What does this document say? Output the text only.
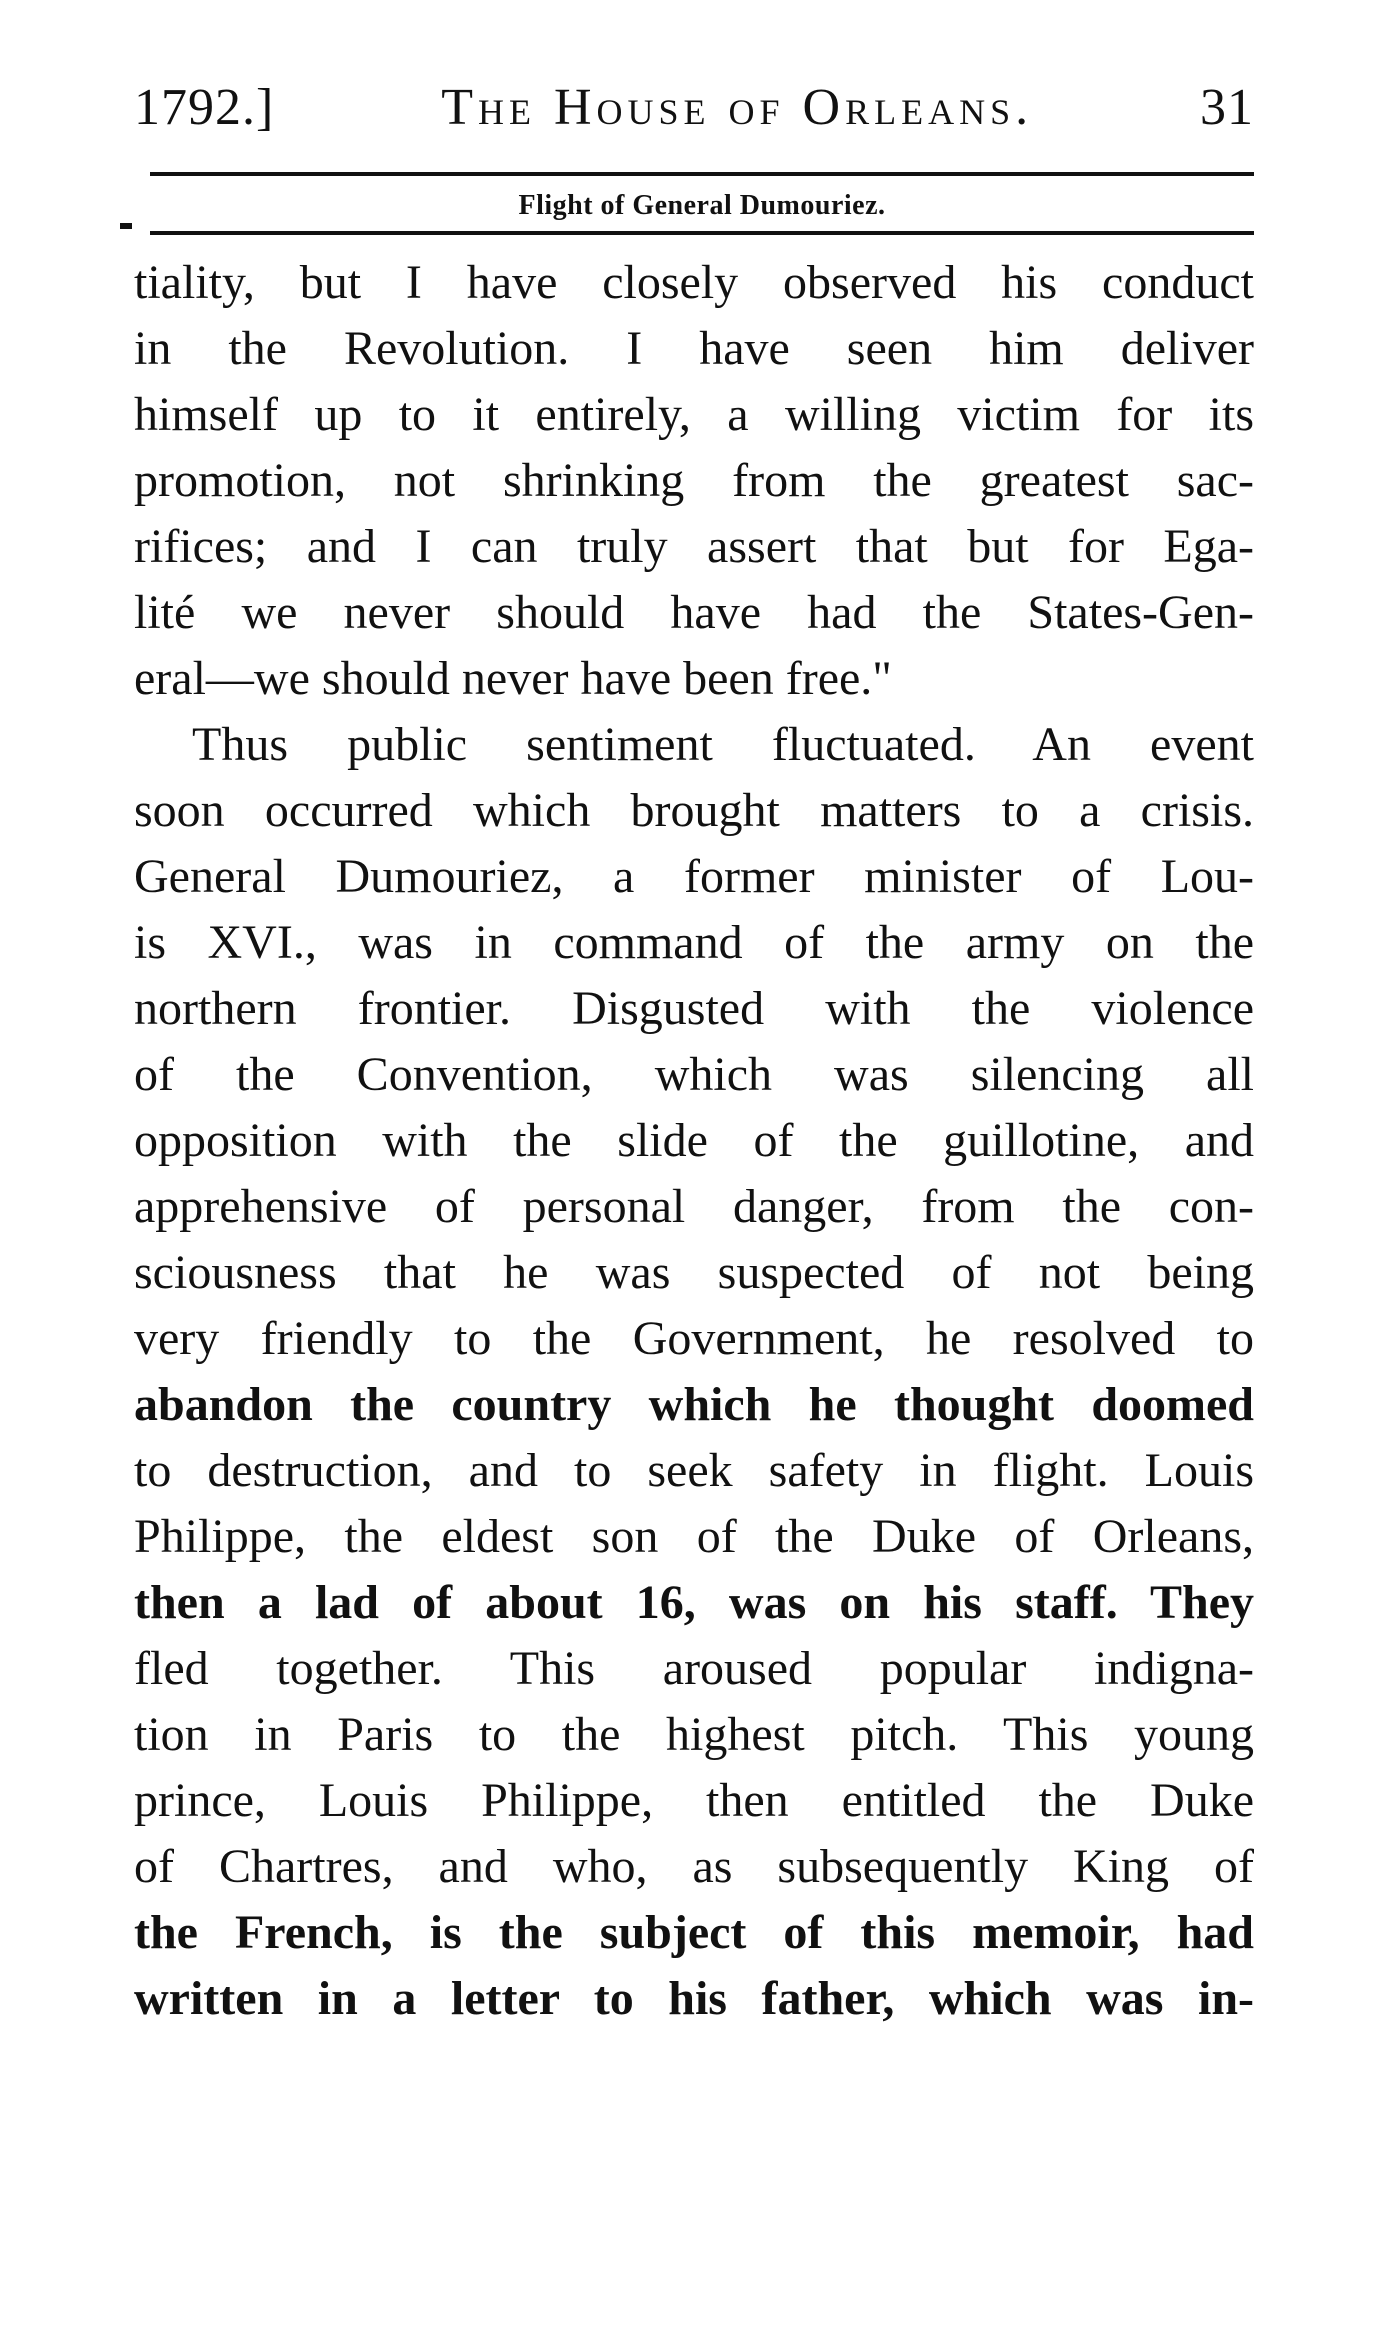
1792.]	The House of Orleans.	31
Flight of General Dumouriez.
tiality, but I have closely observed his conduct
in the Revolution. I have seen him deliver
himself up to it entirely, a willing victim for its
promotion, not shrinking from the greatest sac-
rifices; and I can truly assert that but for Ega-
lité we never should have had the States-Gen-
eral—we should never have been free."
Thus public sentiment fluctuated. An event
soon occurred which brought matters to a crisis.
General Dumouriez, a former minister of Lou-
is XVI., was in command of the army on the
northern frontier. Disgusted with the violence
of the Convention, which was silencing all
opposition with the slide of the guillotine, and
apprehensive of personal danger, from the con-
sciousness that he was suspected of not being
very friendly to the Government, he resolved to
abandon the country which he thought doomed
to destruction, and to seek safety in flight. Louis
Philippe, the eldest son of the Duke of Orleans,
then a lad of about 16, was on his staff. They
fled together. This aroused popular indigna-
tion in Paris to the highest pitch. This young
prince, Louis Philippe, then entitled the Duke
of Chartres, and who, as subsequently King of
the French, is the subject of this memoir, had
written in a letter to his father, which was in-
